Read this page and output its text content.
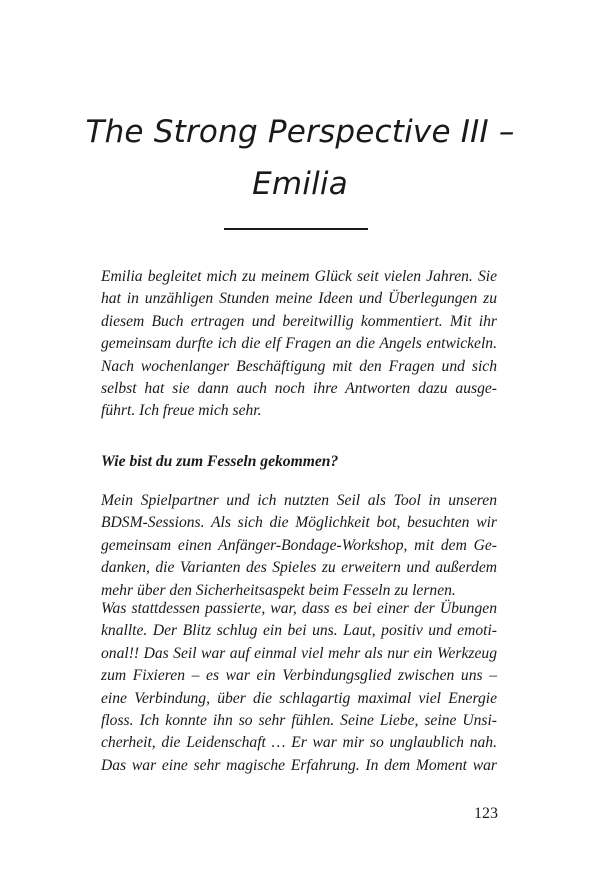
The Strong Perspective III –
Emilia
Emilia begleitet mich zu meinem Glück seit vielen Jahren. Sie
hat in unzähligen Stunden meine Ideen und Überlegungen zu
diesem Buch ertragen und bereitwillig kommentiert. Mit ihr
gemeinsam durfte ich die elf Fragen an die Angels entwickeln.
Nach wochenlanger Beschäftigung mit den Fragen und sich
selbst hat sie dann auch noch ihre Antworten dazu ausge-
führt. Ich freue mich sehr.
Wie bist du zum Fesseln gekommen?
Mein Spielpartner und ich nutzten Seil als Tool in unseren
BDSM-Sessions. Als sich die Möglichkeit bot, besuchten wir
gemeinsam einen Anfänger-Bondage-Workshop, mit dem Ge-
danken, die Varianten des Spieles zu erweitern und außerdem
mehr über den Sicherheitsaspekt beim Fesseln zu lernen.
Was stattdessen passierte, war, dass es bei einer der Übungen
knallte. Der Blitz schlug ein bei uns. Laut, positiv und emoti-
onal!! Das Seil war auf einmal viel mehr als nur ein Werkzeug
zum Fixieren – es war ein Verbindungsglied zwischen uns –
eine Verbindung, über die schlagartig maximal viel Energie
floss. Ich konnte ihn so sehr fühlen. Seine Liebe, seine Unsi-
cherheit, die Leidenschaft … Er war mir so unglaublich nah.
Das war eine sehr magische Erfahrung. In dem Moment war
123
